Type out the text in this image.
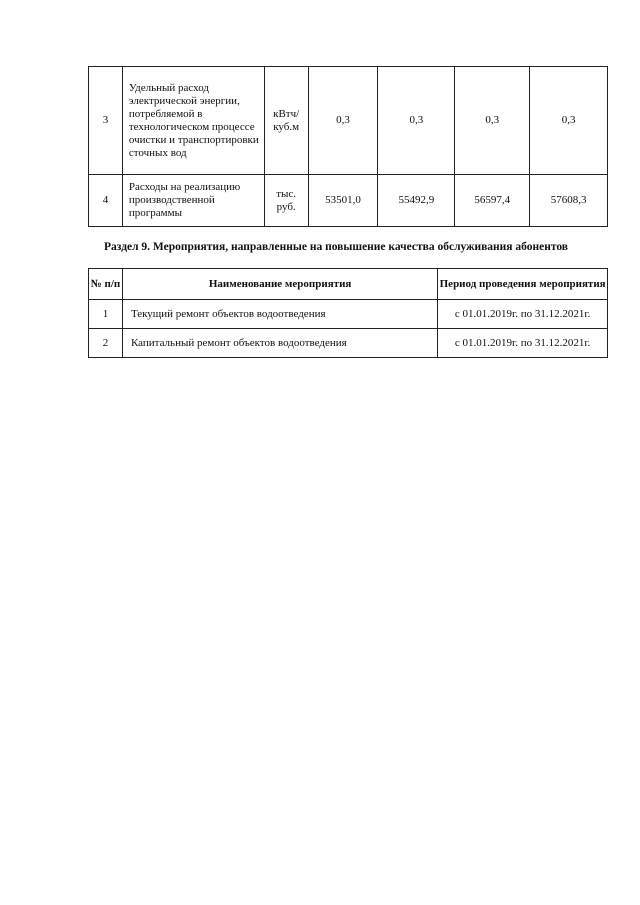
3	Удельный расход электрической энергии, потребляемой в технологическом процессе очистки и транспортировки сточных вод	кВтч/ куб.м	0,3	0,3	0,3	0,3
4	Расходы на реализацию производственной программы	тыс. руб.	53501,0	55492,9	56597,4	57608,3
Раздел 9. Мероприятия, направленные на повышение качества обслуживания абонентов
№ п/п	Наименование мероприятия	Период проведения мероприятия
1	Текущий ремонт объектов водоотведения	с 01.01.2019г. по 31.12.2021г.
2	Капитальный ремонт объектов водоотведения	с 01.01.2019г. по 31.12.2021г.
